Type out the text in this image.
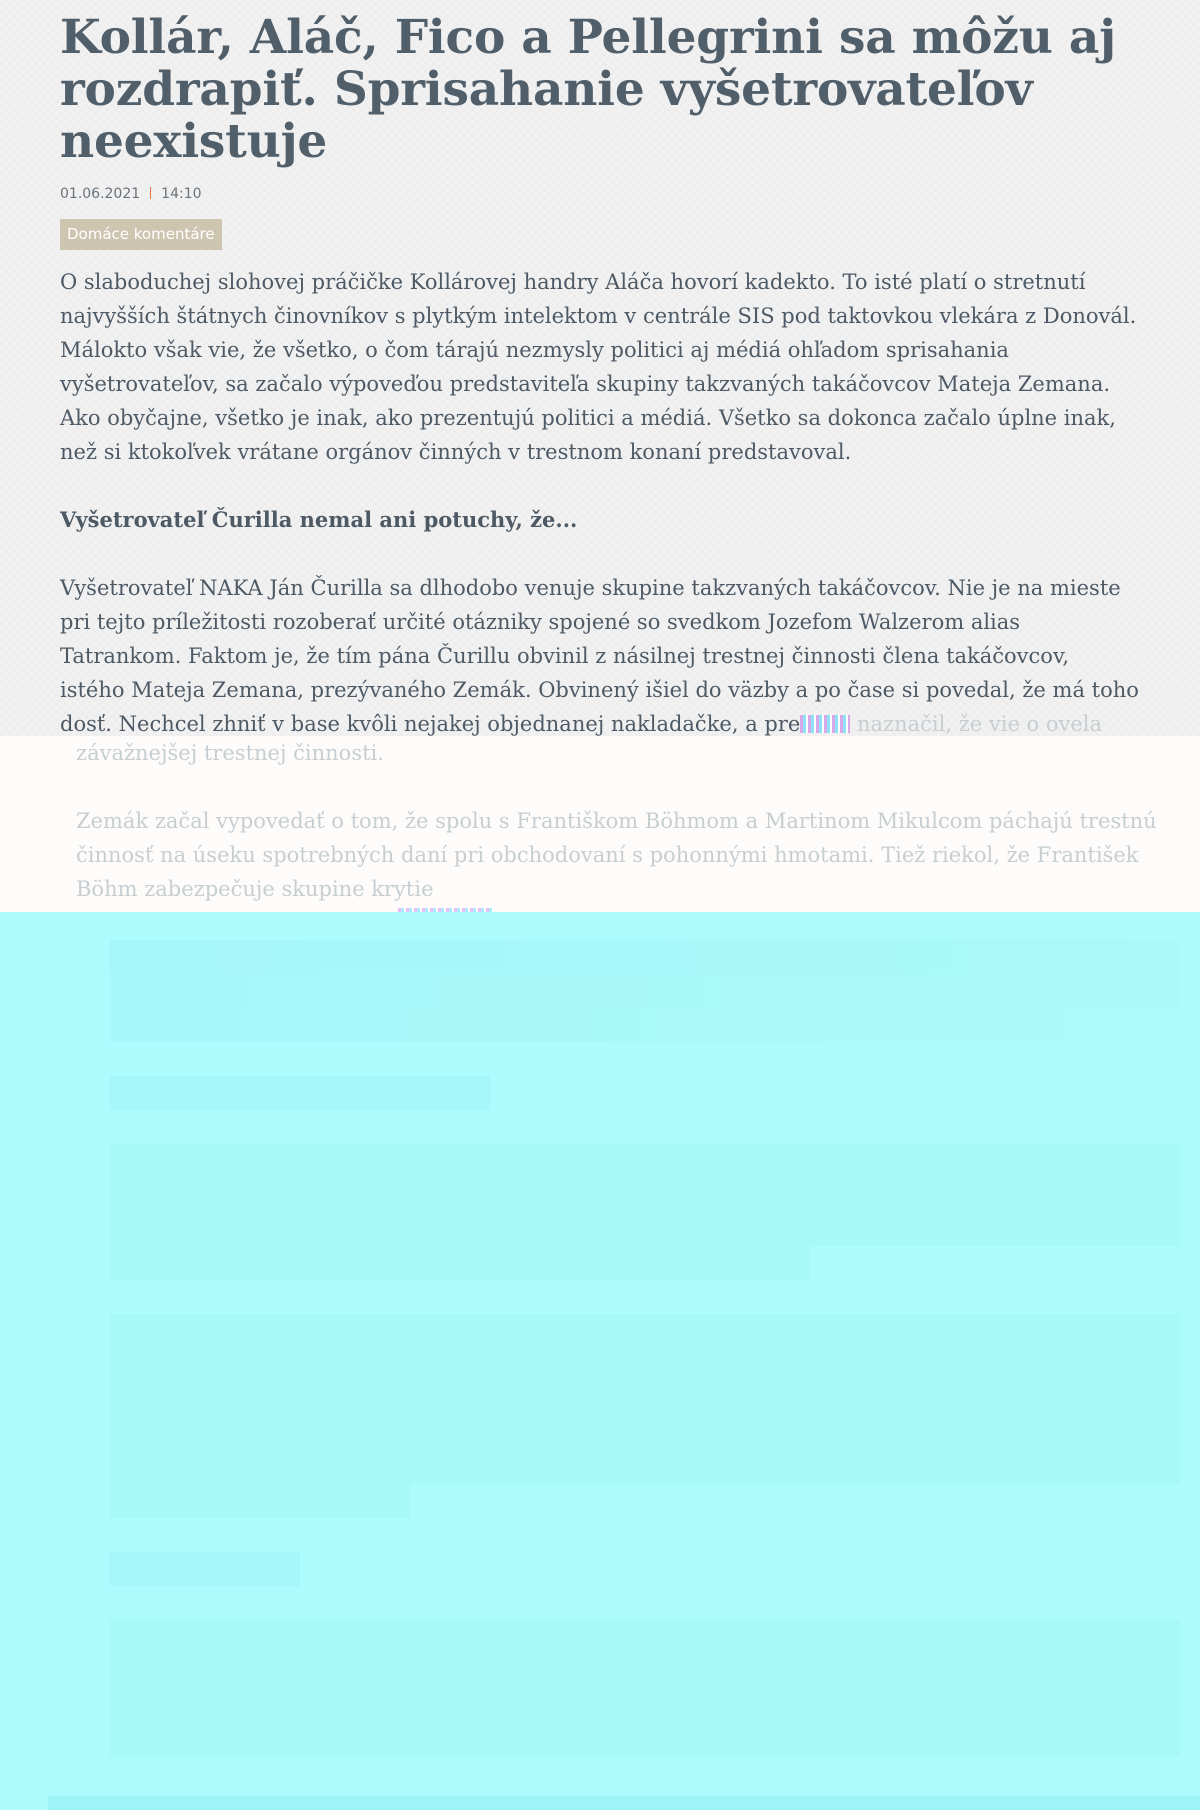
Kollár, Aláč, Fico a Pellegrini sa môžu aj rozdrapiť. Sprisahanie vyšetrovateľov neexistuje
01.06.2021 14:10
Domáce komentáre

O slaboduchej slohovej práčičke Kollárovej handry Aláča hovorí kadekto. To isté platí o stretnutí najvyšších štátnych činovníkov s plytkým intelektom v centrále SIS pod taktovkou vlekára z Donovál. Málokto však vie, že všetko, o čom tárajú nezmysly politici aj médiá ohľadom sprisahania vyšetrovateľov, sa začalo výpoveďou predstaviteľa skupiny takzvaných takáčovcov Mateja Zemana. Ako obyčajne, všetko je inak, ako prezentujú politici a médiá. Všetko sa dokonca začalo úplne inak, než si ktokoľvek vrátane orgánov činných v trestnom konaní predstavoval.

Vyšetrovateľ Čurilla nemal ani potuchy, že...

Vyšetrovateľ NAKA Ján Čurilla sa dlhodobo venuje skupine takzvaných takáčovcov. Nie je na mieste pri tejto príležitosti rozoberať určité otázniky spojené so svedkom Jozefom Walzerom alias Tatrankom. Faktom je, že tím pána Čurillu obvinil z násilnej trestnej činnosti člena takáčovcov, istého Mateja Zemana, prezývaného Zemák. Obvinený išiel do väzby a po čase si povedal, že má toho dosť. Nechcel zhniť v base kvôli nejakej objednanej nakladačke, a pre	naznačil, že vie o ovela

závažnejšej trestnej činnosti.

Zemák začal vypovedať o tom, že spolu s Františkom Böhmom a Martinom Mikulcom páchajú trestnú

činnosť na úseku spotrebných daní pri obchodovaní s pohonnými hmotami. Tiež riekol, že František

Böhm zabezpečuje skupine krytie
